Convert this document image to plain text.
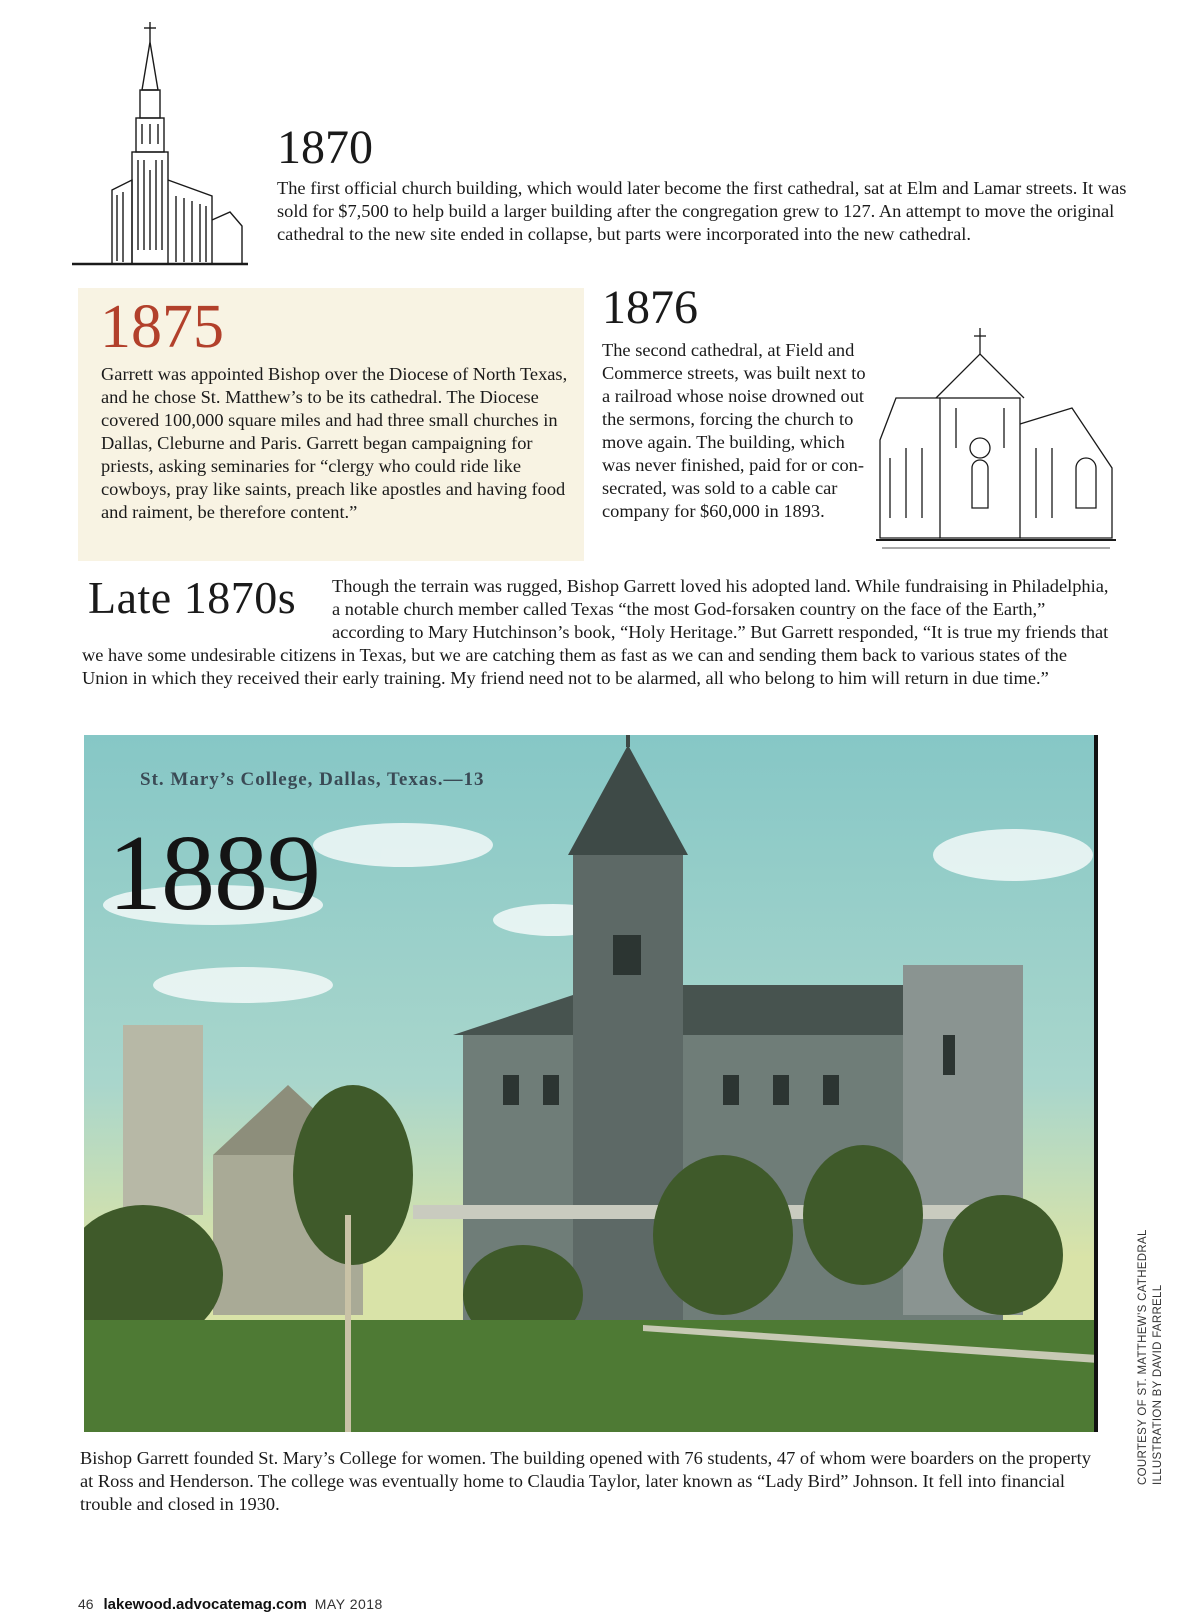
1870

The first official church building, which would later become the first cathedral, sat at Elm and Lamar streets. It was sold for $7,500 to help build a larger building after the congregation grew to 127. An attempt to move the original cathedral to the new site ended in collapse, but parts were incorporated into the new cathedral.

1875

Garrett was appointed Bishop over the Diocese of North Texas, and he chose St. Matthew’s to be its cathedral. The Diocese covered 100,000 square miles and had three small churches in Dallas, Cleburne and Paris. Garrett began campaigning for priests, asking seminaries for “clergy who could ride like cowboys, pray like saints, preach like apostles and having food and raiment, be therefore content.”

1876

The second cathedral, at Field and Commerce streets, was built next to a railroad whose noise drowned out the sermons, forcing the church to move again. The building, which was never finished, paid for or consecrated, was sold to a cable car company for $60,000 in 1893.

Late 1870s	Though the terrain was rugged, Bishop Garrett loved his adopted land. While fundraising in Philadelphia, a notable church member called Texas “the most God-forsaken country on the face of the Earth,” according to Mary Hutchinson’s book, “Holy Heritage.” But Garrett responded, “It is true my friends that we have some undesirable citizens in Texas, but we are catching them as fast as we can and sending them back to various states of the Union in which they received their early training. My friend need not to be alarmed, all who belong to him will return in due time.”
St. Mary’s College, Dallas, Texas.—13
1889

Bishop Garrett founded St. Mary’s College for women. The building opened with 76 students, 47 of whom were boarders on the property at Ross and Henderson. The college was eventually home to Claudia Taylor, later known as “Lady Bird” Johnson. It fell into financial trouble and closed in 1930.

COURTESY OF ST. MATTHEW’S CATHEDRAL ILLUSTRATION BY DAVID FARRELL
46 lakewood.advocatemag.com MAY 2018
